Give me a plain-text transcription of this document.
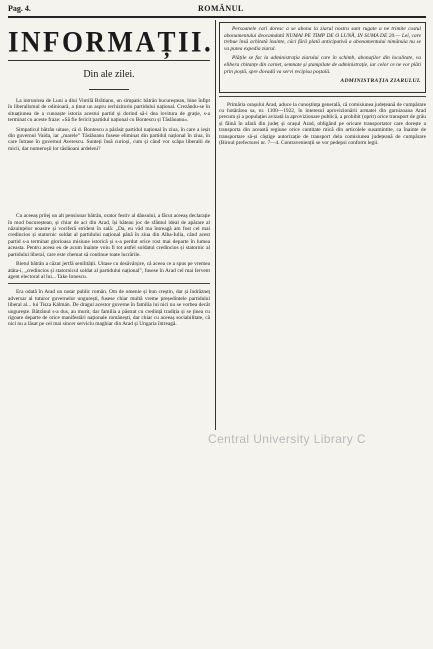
Pag. 4.	ROMÂNUL
INFORMAȚII.
Din ale zilei.

La intrunirea de Luni a dlui Vintilă Brătianu, un simpatic bătrân bucureștean, bine înfipt în liberalismul de odinioară, a ținut un aspru rechizitoriu partidului național. Crezându-se în situațiunea de a cunoaște istoria acestui partid și dorind să-i dea lovitura de grație, s-a terminat cu aceste fraze: «Să fie fericit partidul național cu Bontescu și Tăslăoanu».

Simpaticul bătrân uitase, că d. Bontescu a părăsit partidul național în ziua, în care a ieșit din guvernul Vaida, iar „marele” Tăslăoanu fusese eliminat din partidul național în ziua, în care întrase în guvernul Averescu. Sunteți însă curioși, cum și când vor scăpa liberalii de micii, dar numeroșii lor tăslăoani ardeleni?

Cu aceeaș prilej un alt pensionar bătrân, orator festiv al dânsului, a făcut aceeaș declarație în mod bucureștean, și chiar de aci din Arad, își băteau joc de sfântul ideal de apărare al năzuințelor noastre și vociferă strident în sală: „Da, eu văd ma întreagă am fost cel mai credincios și statornic soldat al partidului național până în ziua din Alba-Iulia, când acest partid s-a terminat glorioasa misiune istorică și s-a perdut orice rost mai departe în lumea aceasta. Pentru aceea eu de acum înainte voiu fi tot astfel soldatul credincios și statornic al partidului liberal, care este chemat să continue toate lucrările.

Bietul bătrân a căzut jertfă senilității. Uitase cu desăvârșire, că aceea ce a spus pe vremea atâta-i, „credincios și statornicul soldat al partidului național”, fusese în Arad cel mai fervent agent electoral al lui... Take Ionescu.

Era odată în Arad un notar public român. Om de omenie și bun creștin, dar și îndrăzneț adversar al tuturor guvernelor ungurești, fusese chiar multă vreme președintele partidului liberal al... lui Tisza Kálmán. De dragul acestor guverne în familia lui nici nu se vorbea decât ungurește. Bătrânul s-a dus, au murit, dar familia a păstrat cu credință tradiția și se ținea cu rigoare departe de orice manifestări naționale românești, dar chiar cu aceeaș sociabilitate, că nici nu a lăsat pe cel mai sincer serviciu maghiar din Arad și Ungaria întreagă.

Persoanele cari doresc a se abona la ziarul nostru sunt rugate a ne trimite costul abonamentului deocamdată NUMAI PE TIMP DE O LUNĂ, IN SUMA DE 20.— Lei, care trebue însă achitată înainte, căci fără plată anticipativă a abonamentului nimănuia nu se va putea expedia ziarul.

Plățile se fac la administrația ziarului care în schimb, abonaților din localitate, va elibera chitanțe din carnet, semnate și ștampilate de administrație, iar celor ce ne vor plăti prin poștă, spre dovadă va servi recipisa poștală.

ADMINISTRAȚIA ZIARULUI.

Primăria orașului Arad, aduce la cunoștința generală, că comisiunea județeană de cumpărare cu hotărârea sa, nr. 1100—1922, în interesul aprovizionării armatei din garnizoana Arad precum și a populației avizată la aprovizionare publică, a prohibit (oprit) orice transport de grâu și făină în afară din județ și orașul Arad, obligând pe oricare transportator care dorește a transporta din această regiune orice cantitate mică din articolele susamintite, ca înainte de transportare să-și câștige autorizație de transport dela comisiunea județeană de cumpărare (Biroul prefecturei nr. 7—4. Contravenienții se vor pedepsi conform legii.

Central University Library C
